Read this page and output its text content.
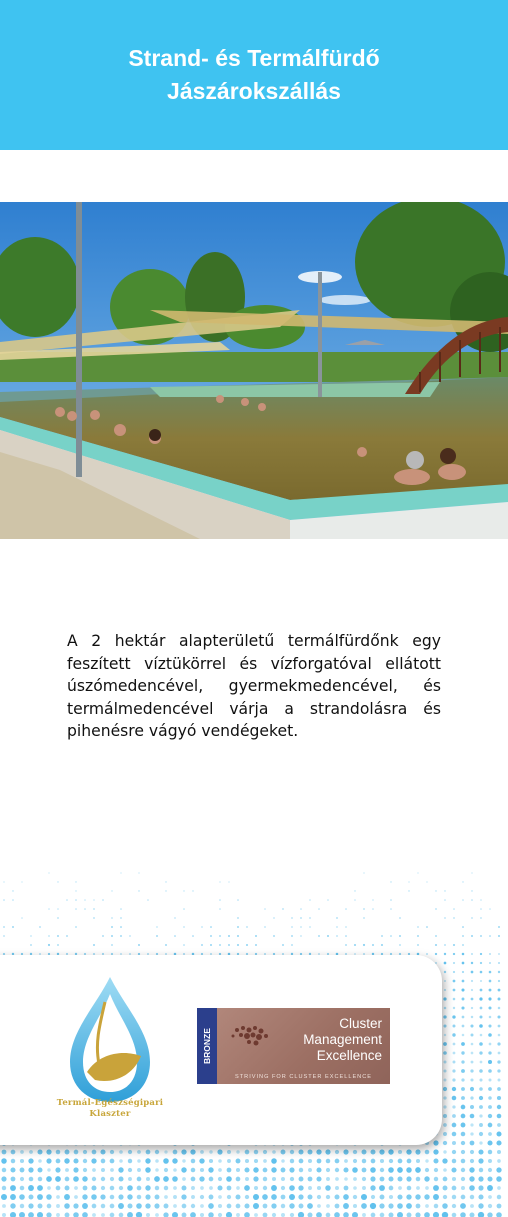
Strand- és Termálfürdő
Jászárokszállás
A 2 hektár alapterületű termálfürdőnk egy feszített víztükörrel és vízforgatóval ellátott úszómedencével, gyermekmedencével, és termálmedencével várja a strandolásra és pihenésre vágyó vendégeket.
Termál-Egészségipari
Klaszter
BRONZE
Cluster
Management
Excellence
STRIVING FOR CLUSTER EXCELLENCE
